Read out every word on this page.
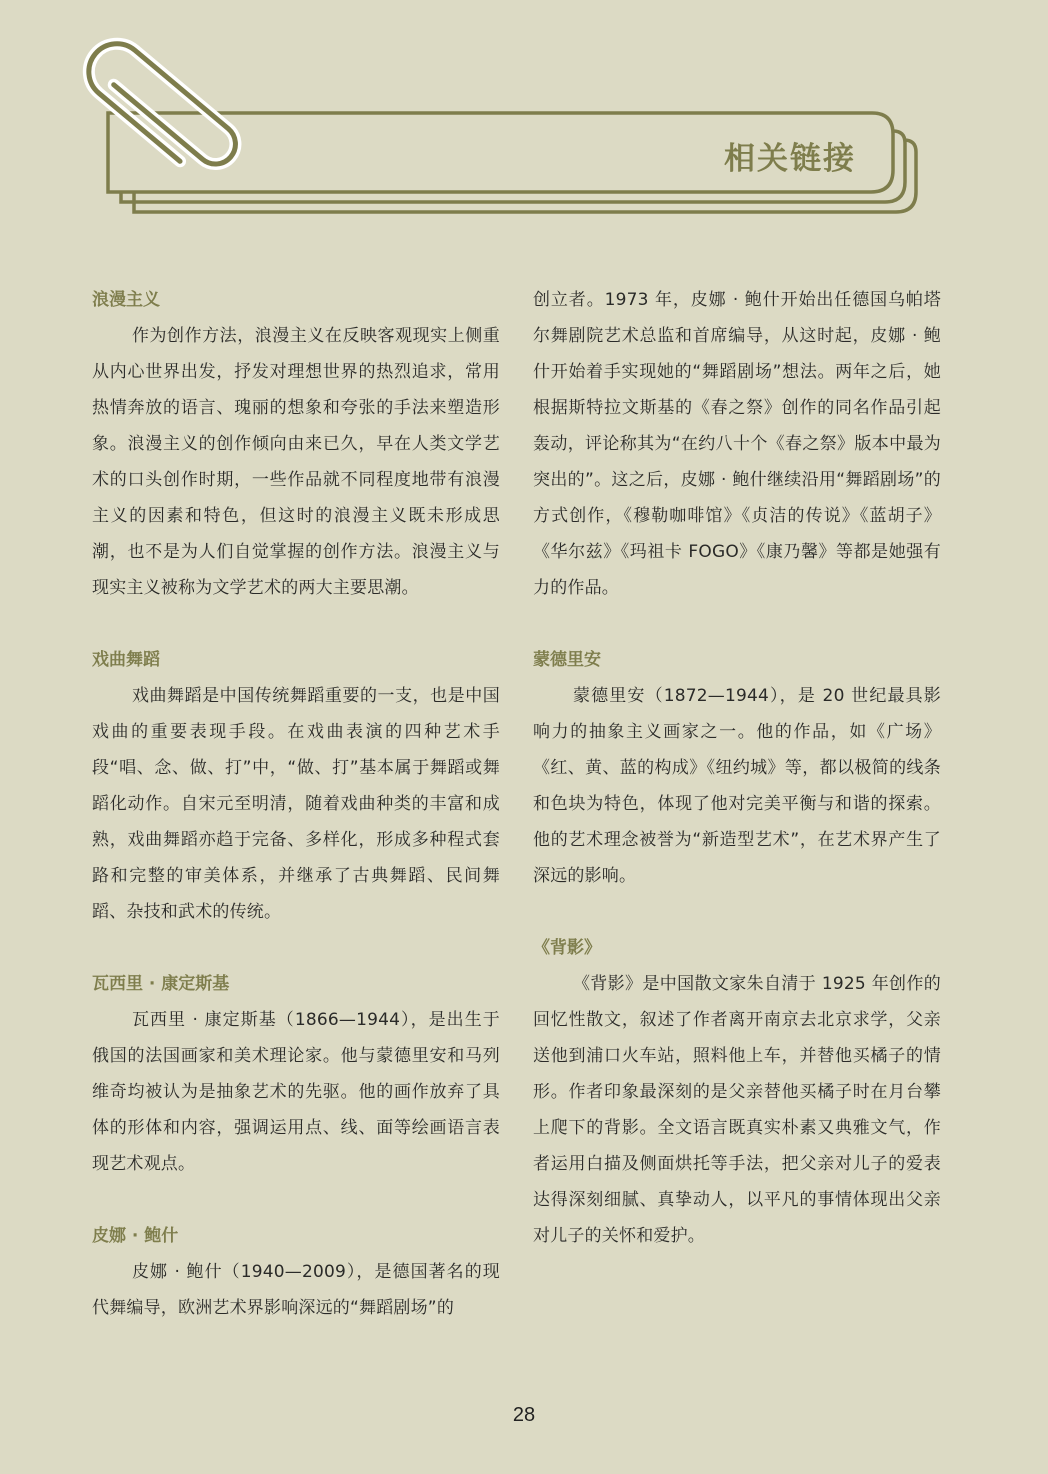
相关链接
浪漫主义

作为创作方法，浪漫主义在反映客观现实上侧重从内心世界出发，抒发对理想世界的热烈追求，常用热情奔放的语言、瑰丽的想象和夸张的手法来塑造形象。浪漫主义的创作倾向由来已久，早在人类文学艺术的口头创作时期，一些作品就不同程度地带有浪漫主义的因素和特色，但这时的浪漫主义既未形成思潮，也不是为人们自觉掌握的创作方法。浪漫主义与现实主义被称为文学艺术的两大主要思潮。

戏曲舞蹈

戏曲舞蹈是中国传统舞蹈重要的一支，也是中国戏曲的重要表现手段。在戏曲表演的四种艺术手段“唱、念、做、打”中，“做、打”基本属于舞蹈或舞蹈化动作。自宋元至明清，随着戏曲种类的丰富和成熟，戏曲舞蹈亦趋于完备、多样化，形成多种程式套路和完整的审美体系，并继承了古典舞蹈、民间舞蹈、杂技和武术的传统。

瓦西里 · 康定斯基

瓦西里 · 康定斯基（1866—1944），是出生于俄国的法国画家和美术理论家。他与蒙德里安和马列维奇均被认为是抽象艺术的先驱。他的画作放弃了具体的形体和内容，强调运用点、线、面等绘画语言表现艺术观点。

皮娜 · 鲍什

皮娜 · 鲍什（1940—2009），是德国著名的现代舞编导，欧洲艺术界影响深远的“舞蹈剧场”的

创立者。1973 年，皮娜 · 鲍什开始出任德国乌帕塔尔舞剧院艺术总监和首席编导，从这时起，皮娜 · 鲍什开始着手实现她的“舞蹈剧场”想法。两年之后，她根据斯特拉文斯基的《春之祭》创作的同名作品引起轰动，评论称其为“在约八十个《春之祭》版本中最为突出的”。这之后，皮娜 · 鲍什继续沿用“舞蹈剧场”的方式创作，《穆勒咖啡馆》《贞洁的传说》《蓝胡子》《华尔兹》《玛祖卡 FOGO》《康乃馨》等都是她强有力的作品。

蒙德里安

蒙德里安（1872—1944），是 20 世纪最具影响力的抽象主义画家之一。他的作品，如《广场》《红、黄、蓝的构成》《纽约城》等，都以极简的线条和色块为特色，体现了他对完美平衡与和谐的探索。他的艺术理念被誉为“新造型艺术”，在艺术界产生了深远的影响。

《背影》

《背影》是中国散文家朱自清于 1925 年创作的回忆性散文，叙述了作者离开南京去北京求学，父亲送他到浦口火车站，照料他上车，并替他买橘子的情形。作者印象最深刻的是父亲替他买橘子时在月台攀上爬下的背影。全文语言既真实朴素又典雅文气，作者运用白描及侧面烘托等手法，把父亲对儿子的爱表达得深刻细腻、真挚动人，以平凡的事情体现出父亲对儿子的关怀和爱护。

28
